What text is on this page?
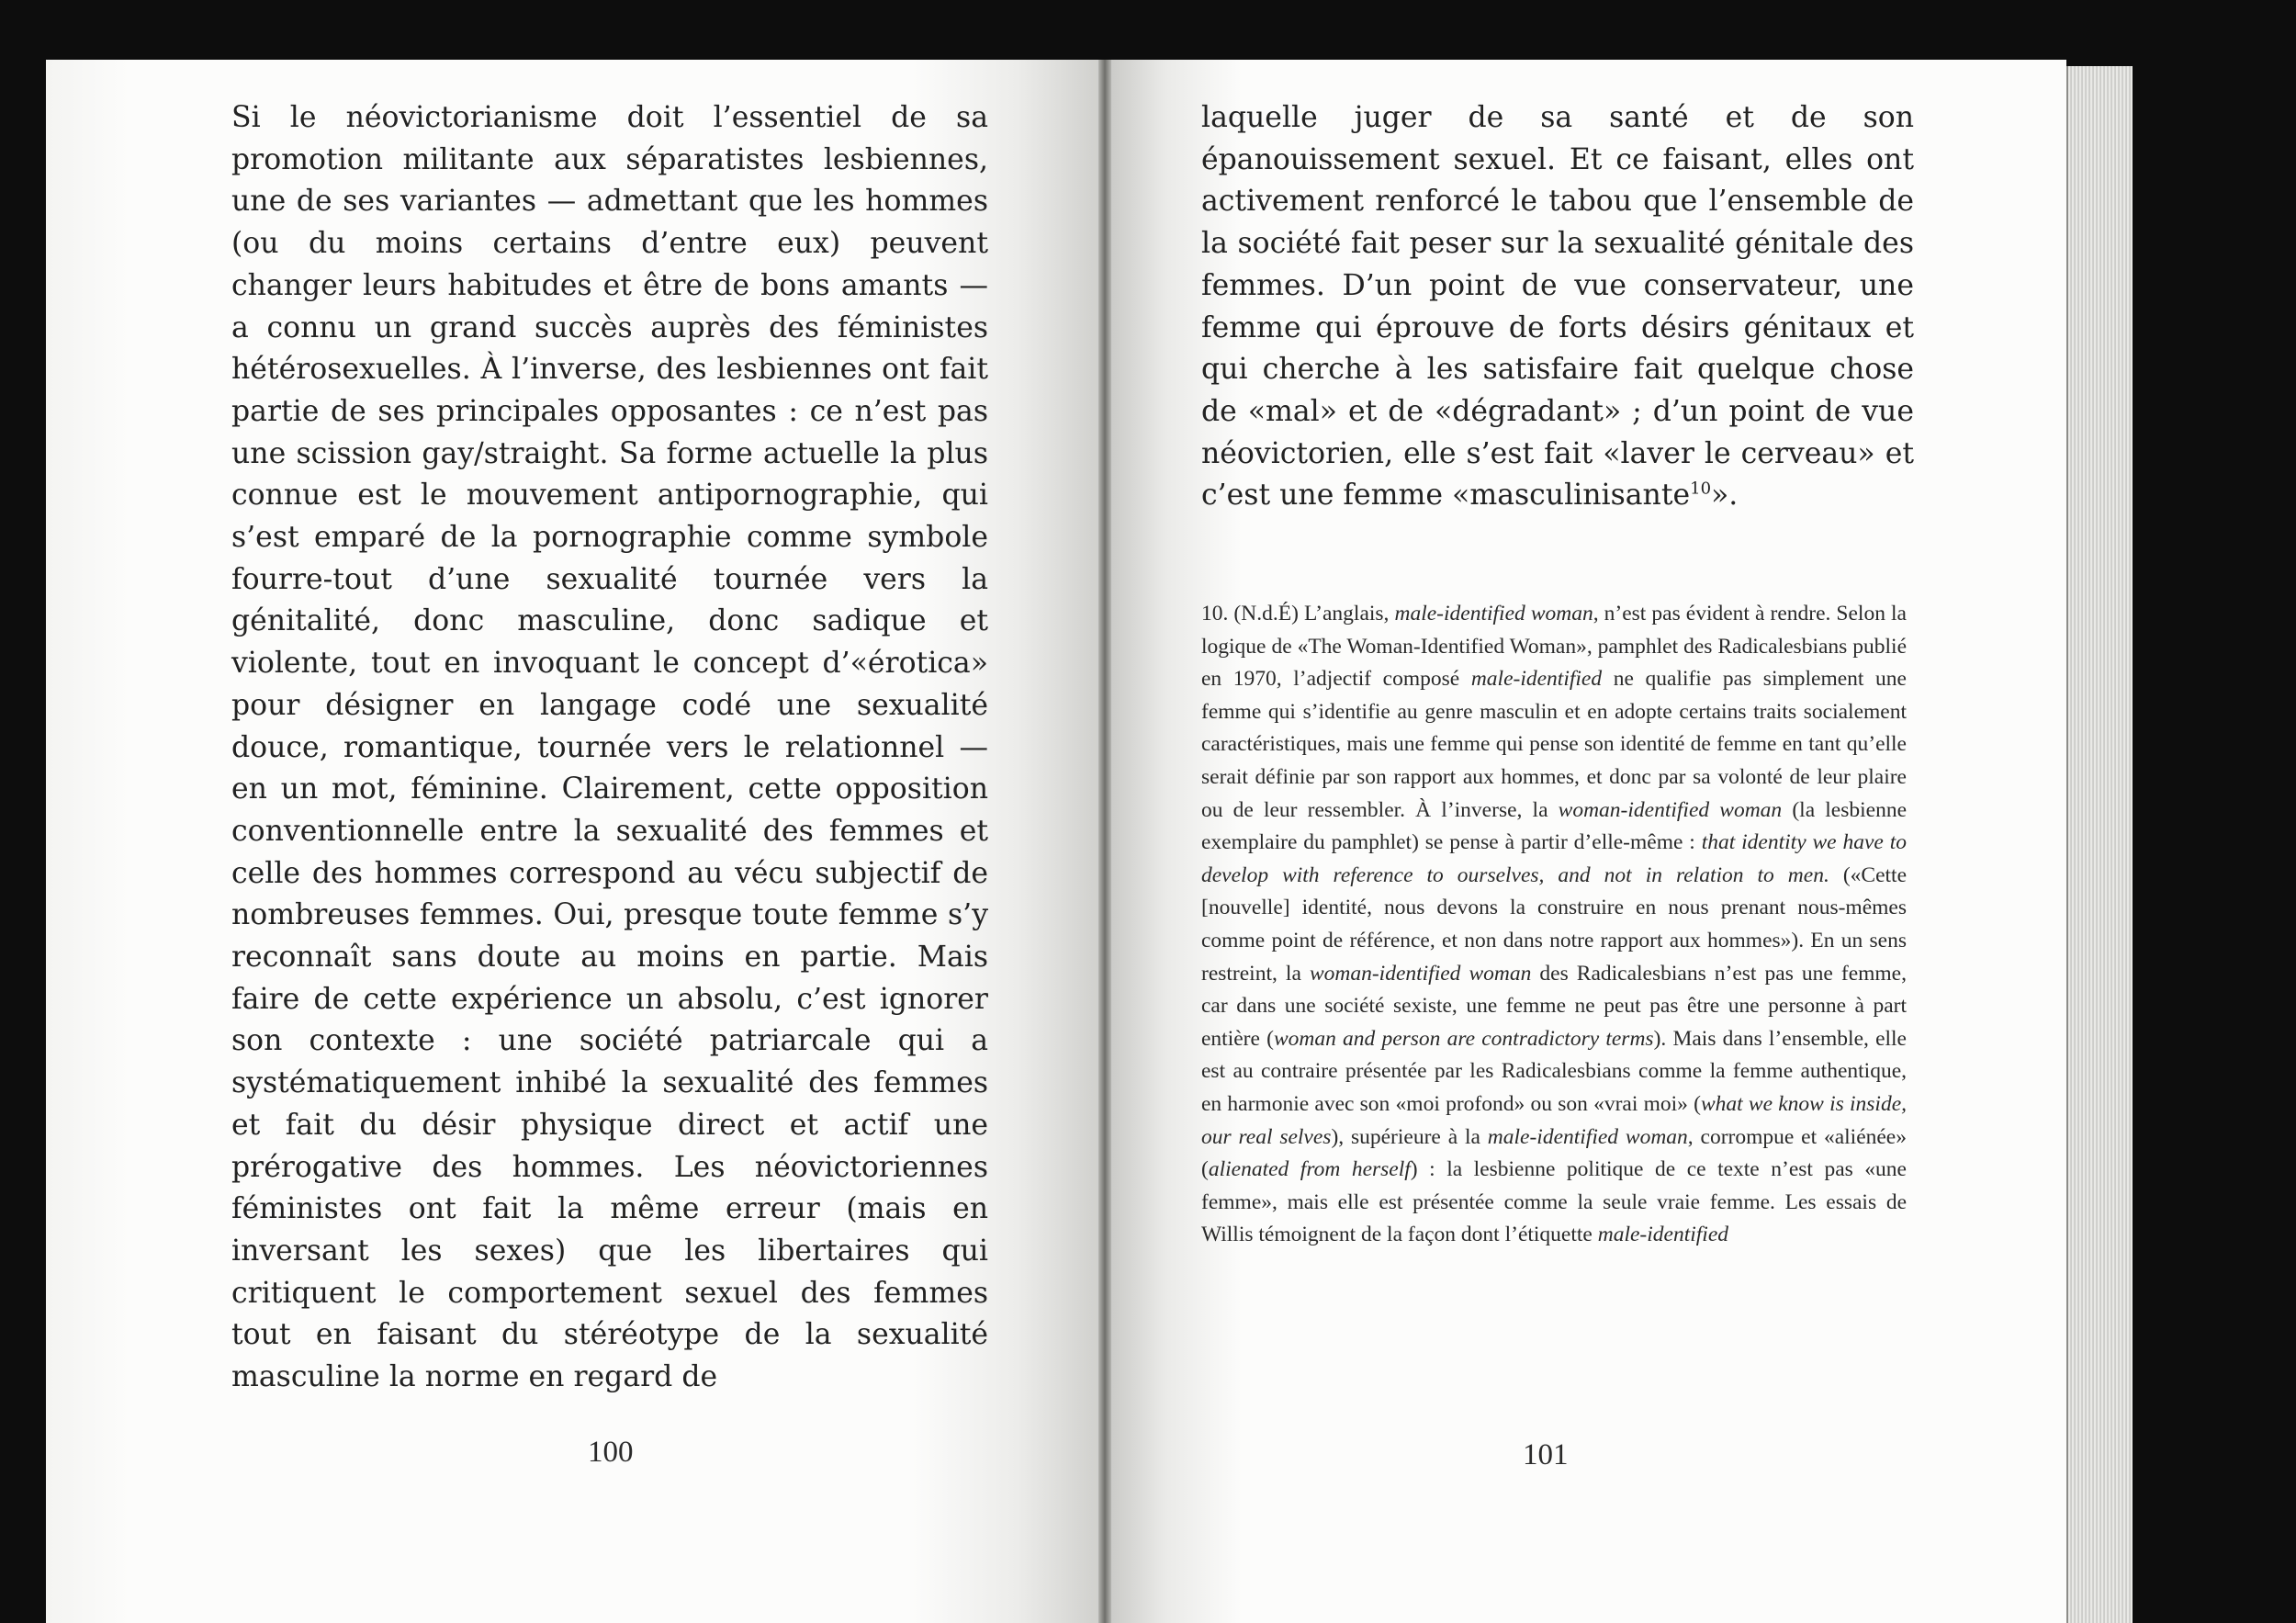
Si le néovictorianisme doit l’essentiel de sa promotion militante aux séparatistes lesbiennes, une de ses variantes — admettant que les hommes (ou du moins certains d’entre eux) peuvent changer leurs habitudes et être de bons amants — a connu un grand succès auprès des féministes hétérosexuelles. À l’inverse, des lesbiennes ont fait partie de ses principales opposantes : ce n’est pas une scission gay/straight. Sa forme actuelle la plus connue est le mouvement antipornographie, qui s’est emparé de la pornographie comme symbole fourre-tout d’une sexualité tournée vers la génitalité, donc masculine, donc sadique et violente, tout en invoquant le concept d’«érotica» pour désigner en langage codé une sexualité douce, romantique, tournée vers le relationnel — en un mot, féminine. Clairement, cette opposition conventionnelle entre la sexualité des femmes et celle des hommes correspond au vécu subjectif de nombreuses femmes. Oui, presque toute femme s’y reconnaît sans doute au moins en partie. Mais faire de cette expérience un absolu, c’est ignorer son contexte : une société patriarcale qui a systématiquement inhibé la sexualité des femmes et fait du désir physique direct et actif une prérogative des hommes. Les néovictoriennes féministes ont fait la même erreur (mais en inversant les sexes) que les libertaires qui critiquent le comportement sexuel des femmes tout en faisant du stéréotype de la sexualité masculine la norme en regard de

100

laquelle juger de sa santé et de son épanouissement sexuel. Et ce faisant, elles ont activement renforcé le tabou que l’ensemble de la société fait peser sur la sexualité génitale des femmes. D’un point de vue conservateur, une femme qui éprouve de forts désirs génitaux et qui cherche à les satisfaire fait quelque chose de «mal» et de «dégradant» ; d’un point de vue néovictorien, elle s’est fait «laver le cerveau» et c’est une femme «masculinisante$^{10}$».

10. (N.d.É) L’anglais, male-identified woman, n’est pas évident à rendre. Selon la logique de «The Woman-Identified Woman», pamphlet des Radicalesbians publié en 1970, l’adjectif composé male-identified ne qualifie pas simplement une femme qui s’identifie au genre masculin et en adopte certains traits socialement caractéristiques, mais une femme qui pense son identité de femme en tant qu’elle serait définie par son rapport aux hommes, et donc par sa volonté de leur plaire ou de leur ressembler. À l’inverse, la woman-identified woman (la lesbienne exemplaire du pamphlet) se pense à partir d’elle-même : that identity we have to develop with reference to ourselves, and not in relation to men. («Cette [nouvelle] identité, nous devons la construire en nous prenant nous-mêmes comme point de référence, et non dans notre rapport aux hommes»). En un sens restreint, la woman-identified woman des Radicalesbians n’est pas une femme, car dans une société sexiste, une femme ne peut pas être une personne à part entière (woman and person are contradictory terms). Mais dans l’ensemble, elle est au contraire présentée par les Radicalesbians comme la femme authentique, en harmonie avec son «moi profond» ou son «vrai moi» (what we know is inside, our real selves), supérieure à la male-identified woman, corrompue et «aliénée» (alienated from herself) : la lesbienne politique de ce texte n’est pas «une femme», mais elle est présentée comme la seule vraie femme. Les essais de Willis témoignent de la façon dont l’étiquette male-identified

101
